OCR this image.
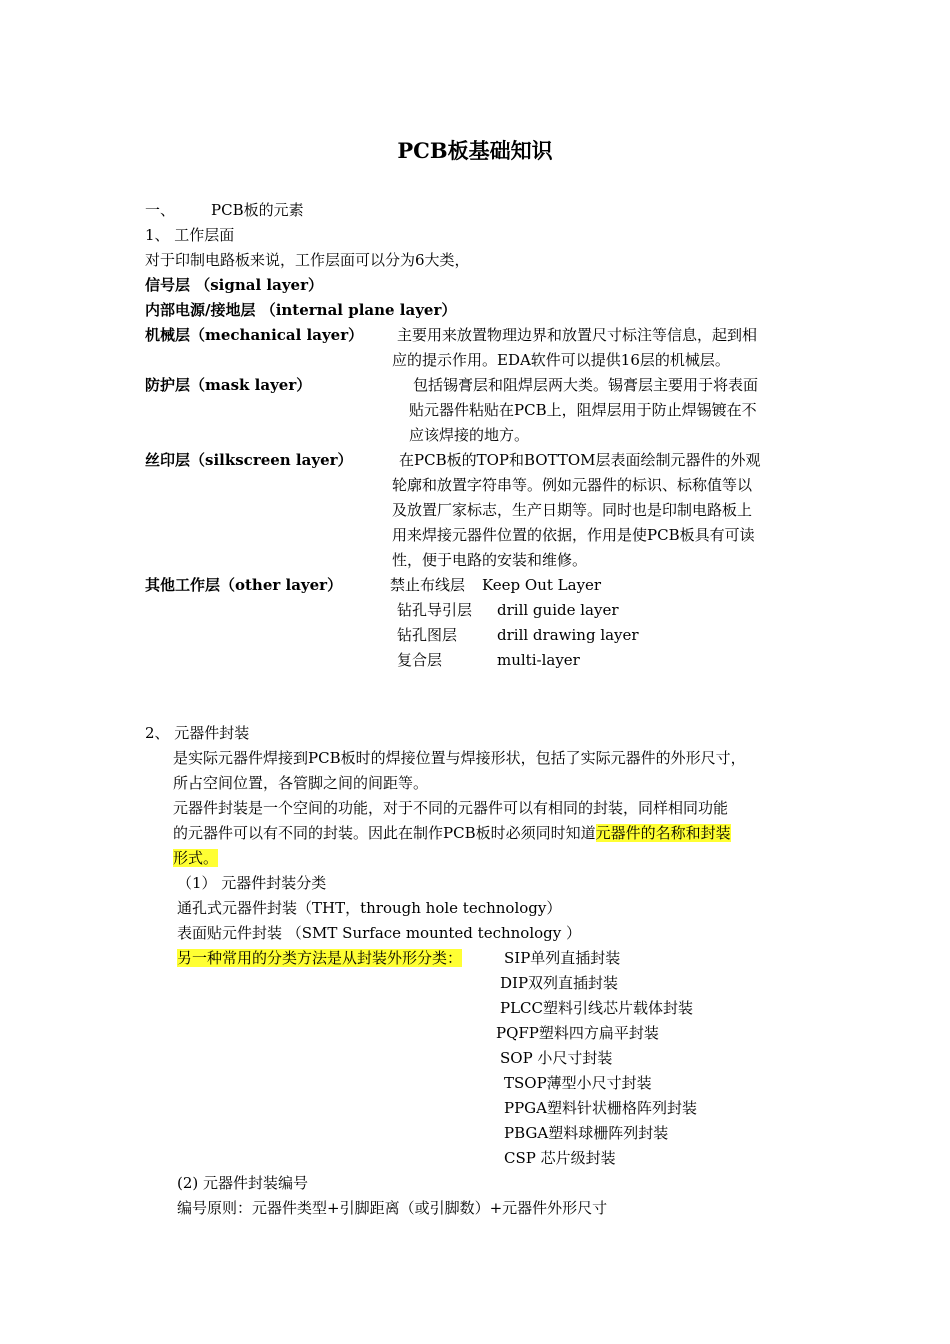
PCB板基础知识
一、 PCB板的元素
1、 工作层面
对于印制电路板来说，工作层面可以分为6大类，
信号层 （signal layer）
内部电源/接地层 （internal plane layer）
机械层（mechanical layer） 主要用来放置物理边界和放置尺寸标注等信息，起到相
应的提示作用。EDA软件可以提供16层的机械层。
防护层（mask layer）	包括锡膏层和阻焊层两大类。锡膏层主要用于将表面
贴元器件粘贴在PCB上，阻焊层用于防止焊锡镀在不
应该焊接的地方。
丝印层（silkscreen layer）	在PCB板的TOP和BOTTOM层表面绘制元器件的外观
轮廓和放置字符串等。例如元器件的标识、标称值等以
及放置厂家标志，生产日期等。同时也是印制电路板上
用来焊接元器件位置的依据，作用是使PCB板具有可读
性，便于电路的安装和维修。
其他工作层（other layer）	禁止布线层 Keep Out Layer
钻孔导引层 drill guide layer
钻孔图层	drill drawing layer
复合层	multi-layer
2、 元器件封装
是实际元器件焊接到PCB板时的焊接位置与焊接形状，包括了实际元器件的外形尺寸，
所占空间位置，各管脚之间的间距等。
元器件封装是一个空间的功能，对于不同的元器件可以有相同的封装，同样相同功能
的元器件可以有不同的封装。因此在制作PCB板时必须同时知道元器件的名称和封装
形式。
（1） 元器件封装分类
通孔式元器件封装（THT，through hole technology）
表面贴元件封装 （SMT Surface mounted technology ）
另一种常用的分类方法是从封装外形分类：	SIP单列直插封装
DIP双列直插封装
PLCC塑料引线芯片载体封装
PQFP塑料四方扁平封装
SOP 小尺寸封装
TSOP薄型小尺寸封装
PPGA塑料针状栅格阵列封装
PBGA塑料球栅阵列封装
CSP 芯片级封装
(2) 元器件封装编号
编号原则：元器件类型+引脚距离（或引脚数）+元器件外形尺寸
